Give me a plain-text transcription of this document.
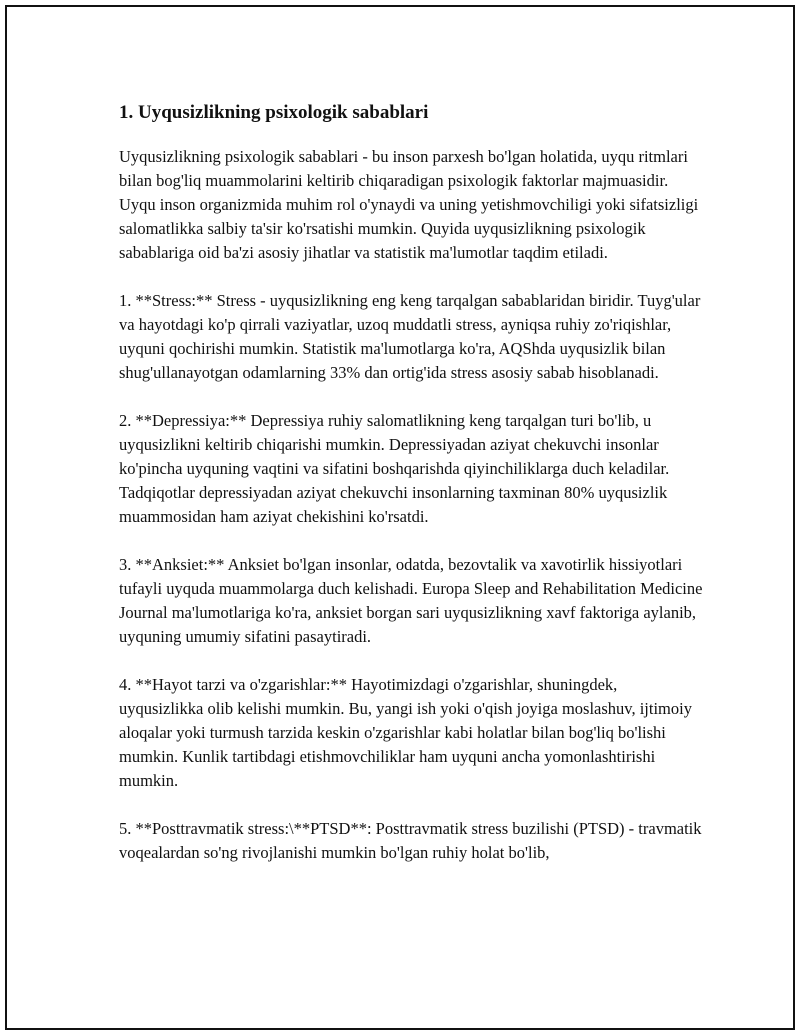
1. Uyqusizlikning psixologik sabablari

Uyqusizlikning psixologik sabablari - bu inson parxesh bo'lgan holatida, uyqu ritmlari bilan bog'liq muammolarini keltirib chiqaradigan psixologik faktorlar majmuasidir. Uyqu inson organizmida muhim rol o'ynaydi va uning yetishmovchiligi yoki sifatsizligi salomatlikka salbiy ta'sir ko'rsatishi mumkin. Quyida uyqusizlikning psixologik sabablariga oid ba'zi asosiy jihatlar va statistik ma'lumotlar taqdim etiladi.

1. **Stress:** Stress - uyqusizlikning eng keng tarqalgan sabablaridan biridir. Tuyg'ular va hayotdagi ko'p qirrali vaziyatlar, uzoq muddatli stress, ayniqsa ruhiy zo'riqishlar, uyquni qochirishi mumkin. Statistik ma'lumotlarga ko'ra, AQShda uyqusizlik bilan shug'ullanayotgan odamlarning 33% dan ortig'ida stress asosiy sabab hisoblanadi.

2. **Depressiya:** Depressiya ruhiy salomatlikning keng tarqalgan turi bo'lib, u uyqusizlikni keltirib chiqarishi mumkin. Depressiyadan aziyat chekuvchi insonlar ko'pincha uyquning vaqtini va sifatini boshqarishda qiyinchiliklarga duch keladilar. Tadqiqotlar depressiyadan aziyat chekuvchi insonlarning taxminan 80% uyqusizlik muammosidan ham aziyat chekishini ko'rsatdi.

3. **Anksiet:** Anksiet bo'lgan insonlar, odatda, bezovtalik va xavotirlik hissiyotlari tufayli uyquda muammolarga duch kelishadi. Europa Sleep and Rehabilitation Medicine Journal ma'lumotlariga ko'ra, anksiet borgan sari uyqusizlikning xavf faktoriga aylanib, uyquning umumiy sifatini pasaytiradi.

4. **Hayot tarzi va o'zgarishlar:** Hayotimizdagi o'zgarishlar, shuningdek, uyqusizlikka olib kelishi mumkin. Bu, yangi ish yoki o'qish joyiga moslashuv, ijtimoiy aloqalar yoki turmush tarzida keskin o'zgarishlar kabi holatlar bilan bog'liq bo'lishi mumkin. Kunlik tartibdagi etishmovchiliklar ham uyquni ancha yomonlashtirishi mumkin.

5. **Posttravmatik stress:\**PTSD**: Posttravmatik stress buzilishi (PTSD) - travmatik voqealardan so'ng rivojlanishi mumkin bo'lgan ruhiy holat bo'lib,
